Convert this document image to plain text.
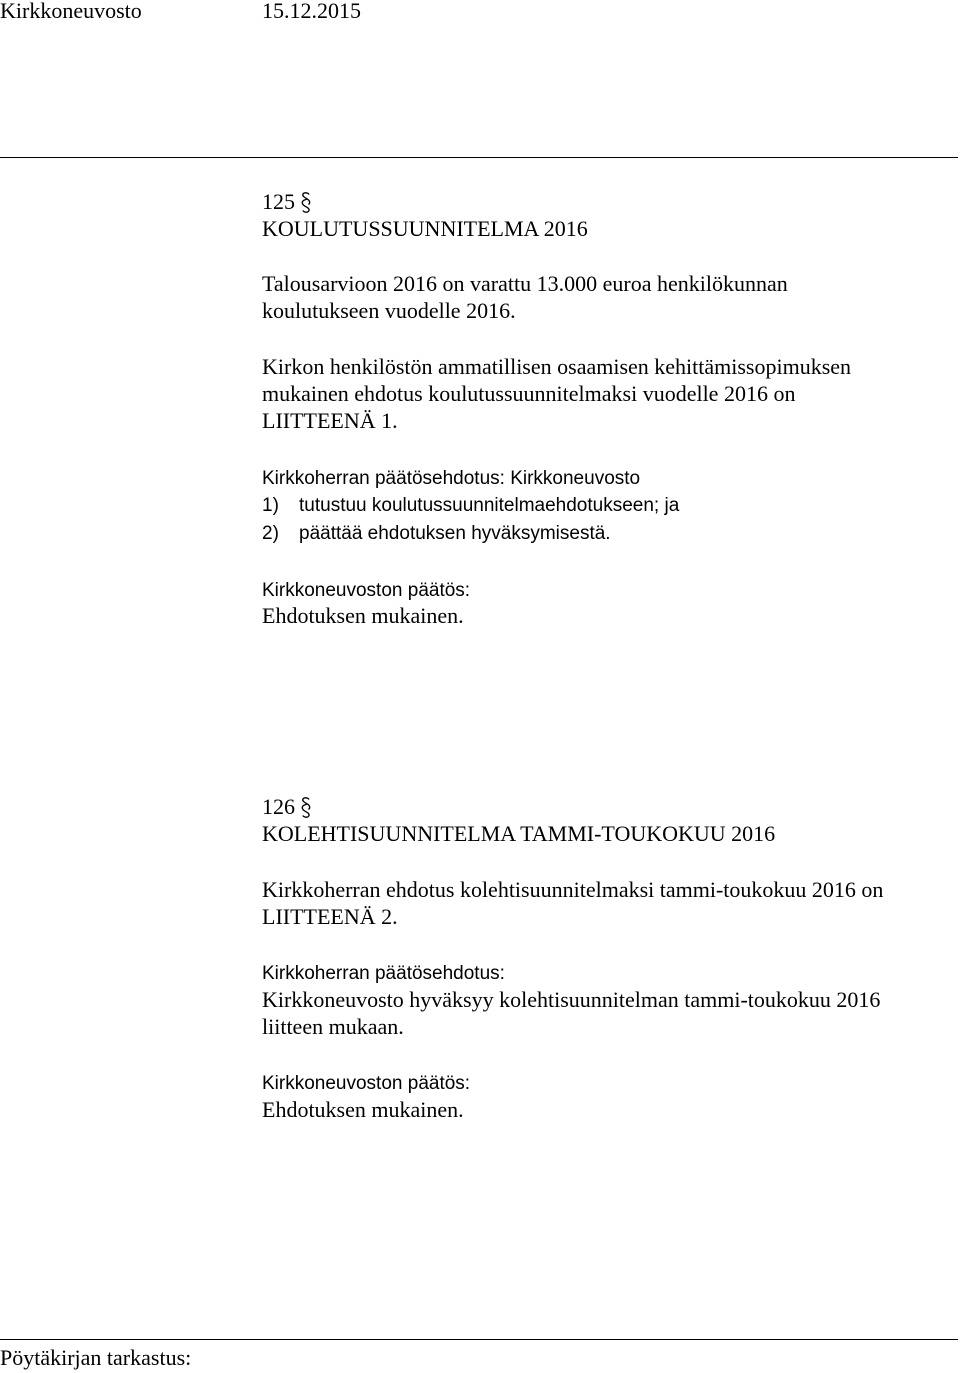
Kirkkoneuvosto	15.12.2015
125
KOULUTUSSUUNNITELMA 2016
Talousarvioon 2016 on varattu 13.000 euroa henkilökunnan
koulutukseen vuodelle 2016.
Kirkon henkilöstön ammatillisen osaamisen kehittämissopimuksen
mukainen ehdotus koulutussuunnitelmaksi vuodelle 2016 on
LIITTEENÄ 1.
Kirkkoherran päätösehdotus: Kirkkoneuvosto
1) tutustuu koulutussuunnitelmaehdotukseen; ja
2) päättää ehdotuksen hyväksymisestä.
Kirkkoneuvoston päätös:
Ehdotuksen mukainen.
126
KOLEHTISUUNNITELMA TAMMI-TOUKOKUU 2016
Kirkkoherran ehdotus kolehtisuunnitelmaksi tammi-toukokuu 2016 on
LIITTEENÄ 2.
Kirkkoherran päätösehdotus:
Kirkkoneuvosto hyväksyy kolehtisuunnitelman tammi-toukokuu 2016
liitteen mukaan.
Kirkkoneuvoston päätös:
Ehdotuksen mukainen.
Pöytäkirjan tarkastus:
